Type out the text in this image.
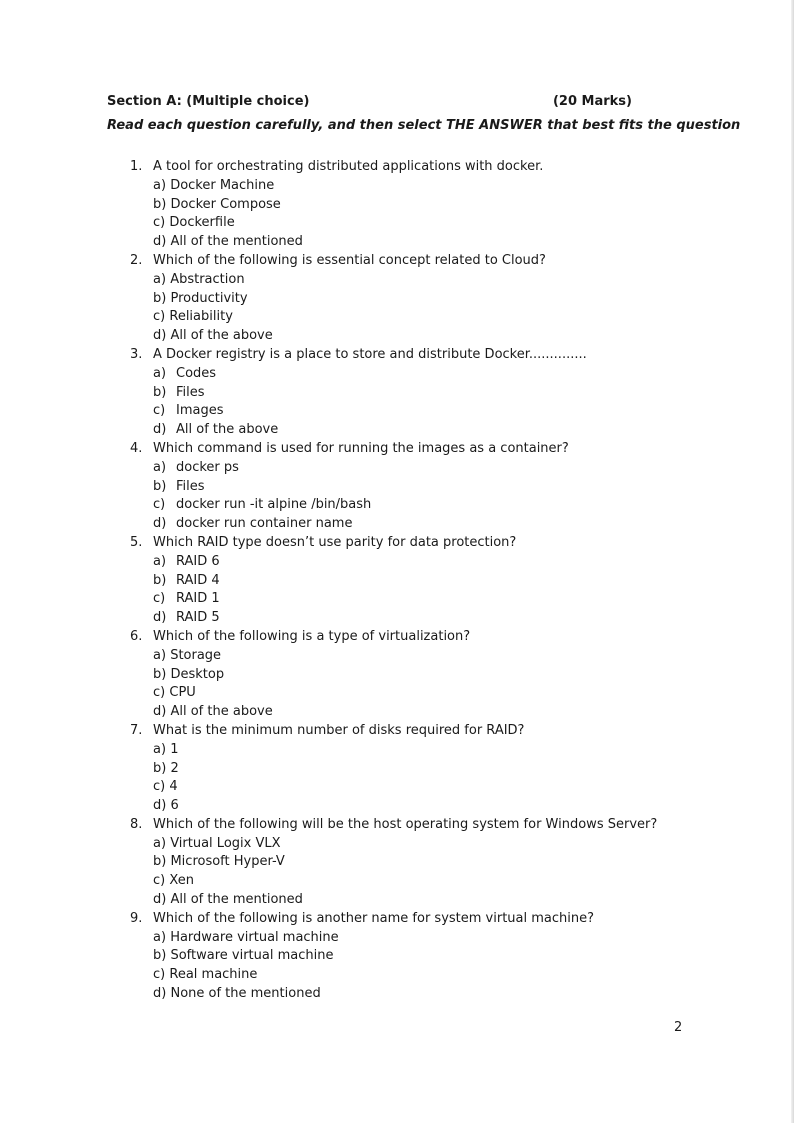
Section A: (Multiple choice)	(20 Marks)
Read each question carefully, and then select THE ANSWER that best fits the question
1. A tool for orchestrating distributed applications with docker.
a) Docker Machine
b) Docker Compose
c) Dockerfile
d) All of the mentioned
2. Which of the following is essential concept related to Cloud?
a) Abstraction
b) Productivity
c) Reliability
d) All of the above
3. A Docker registry is a place to store and distribute Docker..............
a) Codes
b) Files
c) Images
d) All of the above
4. Which command is used for running the images as a container?
a) docker ps
b) Files
c) docker run -it alpine /bin/bash
d) docker run container name
5. Which RAID type doesn’t use parity for data protection?
a) RAID 6
b) RAID 4
c) RAID 1
d) RAID 5
6. Which of the following is a type of virtualization?
a) Storage
b) Desktop
c) CPU
d) All of the above
7. What is the minimum number of disks required for RAID?
a) 1
b) 2
c) 4
d) 6
8. Which of the following will be the host operating system for Windows Server?
a) Virtual Logix VLX
b) Microsoft Hyper-V
c) Xen
d) All of the mentioned
9. Which of the following is another name for system virtual machine?
a) Hardware virtual machine
b) Software virtual machine
c) Real machine
d) None of the mentioned
2
